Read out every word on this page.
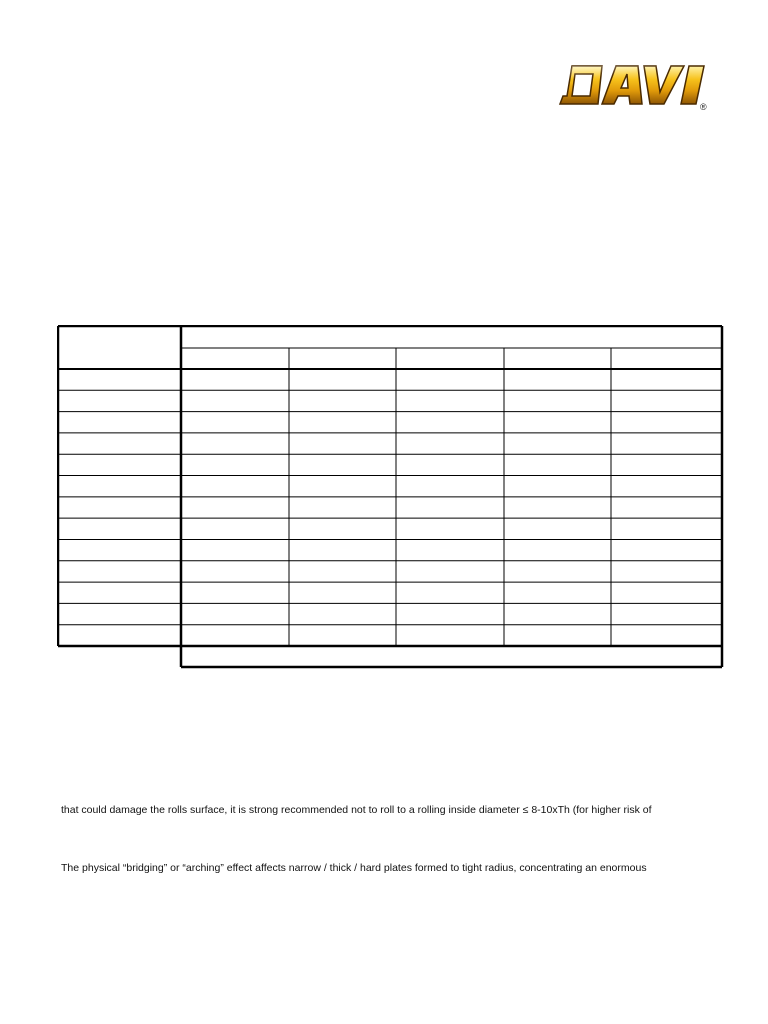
®
that could damage the rolls surface, it is strong recommended not to roll to a rolling inside diameter ≤ 8-10xTh (for higher risk of
The physical “bridging” or “arching” effect affects narrow / thick / hard plates formed to tight radius, concentrating an enormous
